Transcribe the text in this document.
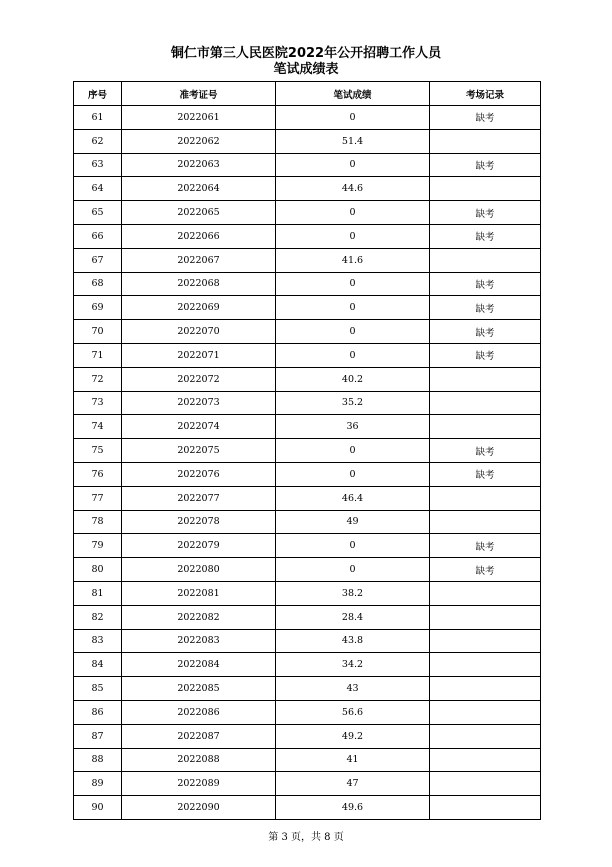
铜仁市第三人民医院2022年公开招聘工作人员
笔试成绩表
序号	准考证号	笔试成绩	考场记录
61	2022061	0	缺考
62	2022062	51.4	
63	2022063	0	缺考
64	2022064	44.6	
65	2022065	0	缺考
66	2022066	0	缺考
67	2022067	41.6	
68	2022068	0	缺考
69	2022069	0	缺考
70	2022070	0	缺考
71	2022071	0	缺考
72	2022072	40.2	
73	2022073	35.2	
74	2022074	36	
75	2022075	0	缺考
76	2022076	0	缺考
77	2022077	46.4	
78	2022078	49	
79	2022079	0	缺考
80	2022080	0	缺考
81	2022081	38.2	
82	2022082	28.4	
83	2022083	43.8	
84	2022084	34.2	
85	2022085	43	
86	2022086	56.6	
87	2022087	49.2	
88	2022088	41	
89	2022089	47	
90	2022090	49.6	
第 3 页，共 8 页
